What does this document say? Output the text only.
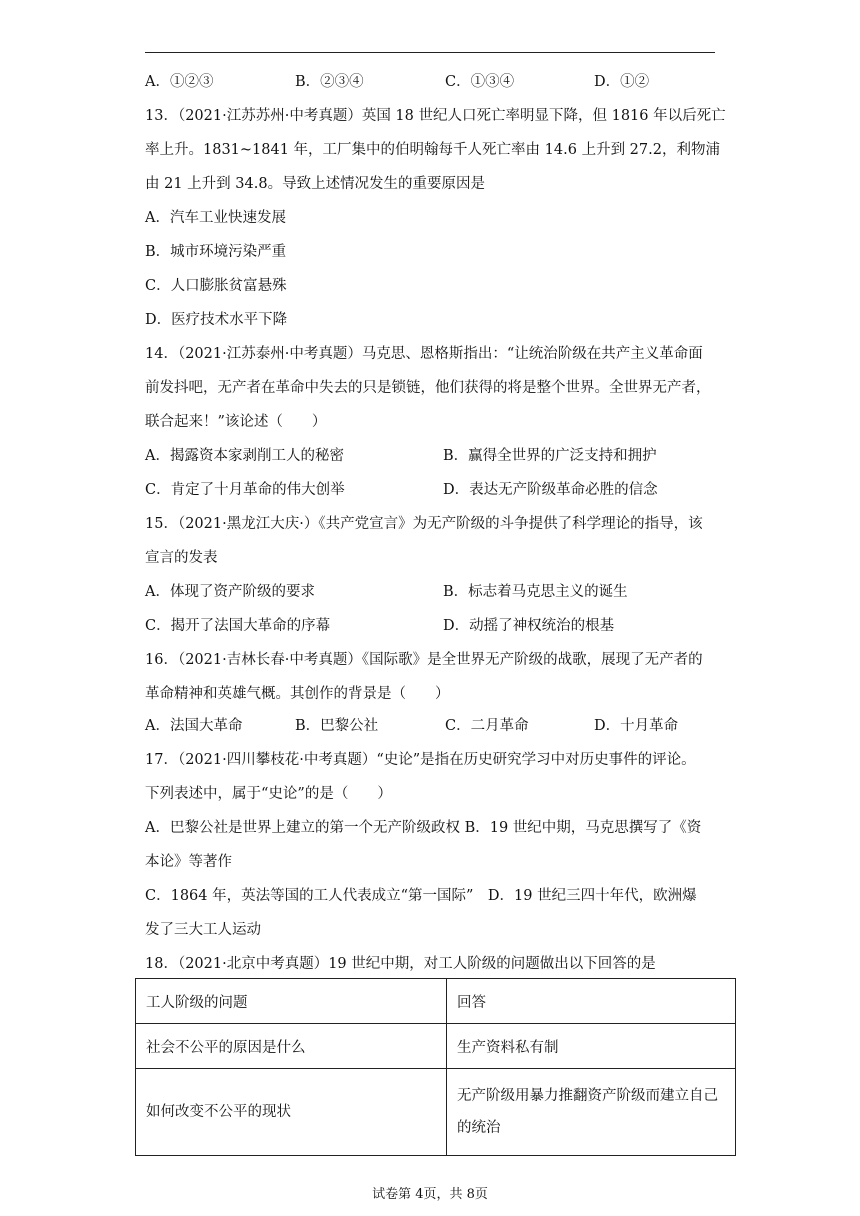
A．①②③	B．②③④	C．①③④	D．①②
13．（2021·江苏苏州·中考真题）英国 18 世纪人口死亡率明显下降，但 1816 年以后死亡
率上升。1831~1841 年，工厂集中的伯明翰每千人死亡率由 14.6 上升到 27.2，利物浦
由 21 上升到 34.8。导致上述情况发生的重要原因是
A．汽车工业快速发展
B．城市环境污染严重
C．人口膨胀贫富悬殊
D．医疗技术水平下降
14．（2021·江苏泰州·中考真题）马克思、恩格斯指出：“让统治阶级在共产主义革命面
前发抖吧，无产者在革命中失去的只是锁链，他们获得的将是整个世界。全世界无产者，
联合起来！”该论述（　　）
A．揭露资本家剥削工人的秘密	B．赢得全世界的广泛支持和拥护
C．肯定了十月革命的伟大创举	D．表达无产阶级革命必胜的信念
15．（2021·黑龙江大庆·）《共产党宣言》为无产阶级的斗争提供了科学理论的指导，该
宣言的发表
A．体现了资产阶级的要求	B．标志着马克思主义的诞生
C．揭开了法国大革命的序幕	D．动摇了神权统治的根基
16．（2021·吉林长春·中考真题）《国际歌》是全世界无产阶级的战歌，展现了无产者的
革命精神和英雄气概。其创作的背景是（　　）
A．法国大革命	B．巴黎公社	C．二月革命	D．十月革命
17．（2021·四川攀枝花·中考真题）“史论”是指在历史研究学习中对历史事件的评论。
下列表述中，属于“史论”的是（　　）
A．巴黎公社是世界上建立的第一个无产阶级政权 B．19 世纪中期，马克思撰写了《资
本论》等著作
C．1864 年，英法等国的工人代表成立“第一国际”　D．19 世纪三四十年代，欧洲爆
发了三大工人运动
18．（2021·北京中考真题）19 世纪中期，对工人阶级的问题做出以下回答的是
工人阶级的问题	回答
社会不公平的原因是什么	生产资料私有制
如何改变不公平的现状	无产阶级用暴力推翻资产阶级而建立自己的统治
试卷第 4页，共 8页
